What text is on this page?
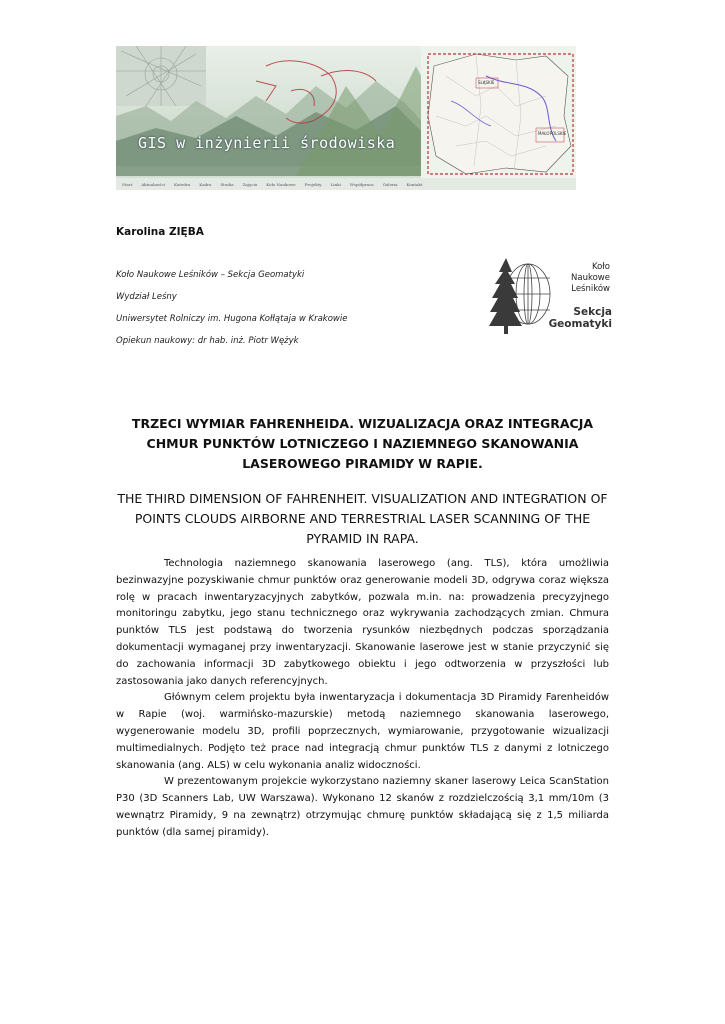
GIS w inżynierii środowiska
ŚLĄSKIE
MAŁOPOLSKIE
Start Aktualności Katedra Kadra Studia Zajęcia Koło Naukowe Projekty Linki Współpraca Galeria Kontakt
Karolina ZIĘBA
Koło Naukowe Leśników – Sekcja Geomatyki
Wydział Leśny
Uniwersytet Rolniczy im. Hugona Kołłątaja w Krakowie
Opiekun naukowy: dr hab. inż. Piotr Wężyk
Koło
Naukowe
Leśników
Sekcja
Geomatyki
TRZECI WYMIAR FAHRENHEIDA. WIZUALIZACJA ORAZ INTEGRACJA CHMUR PUNKTÓW LOTNICZEGO I NAZIEMNEGO SKANOWANIA LASEROWEGO PIRAMIDY W RAPIE.
THE THIRD DIMENSION OF FAHRENHEIT. VISUALIZATION AND INTEGRATION OF POINTS CLOUDS AIRBORNE AND TERRESTRIAL LASER SCANNING OF THE PYRAMID IN RAPA.

Technologia naziemnego skanowania laserowego (ang. TLS), która umożliwia bezinwazyjne pozyskiwanie chmur punktów oraz generowanie modeli 3D, odgrywa coraz większa rolę w pracach inwentaryzacyjnych zabytków, pozwala m.in. na: prowadzenia precyzyjnego monitoringu zabytku, jego stanu technicznego oraz wykrywania zachodzących zmian. Chmura punktów TLS jest podstawą do tworzenia rysunków niezbędnych podczas sporządzania dokumentacji wymaganej przy inwentaryzacji. Skanowanie laserowe jest w stanie przyczynić się do zachowania informacji 3D zabytkowego obiektu i jego odtworzenia w przyszłości lub zastosowania jako danych referencyjnych.

Głównym celem projektu była inwentaryzacja i dokumentacja 3D Piramidy Farenheidów w Rapie (woj. warmińsko-mazurskie) metodą naziemnego skanowania laserowego, wygenerowanie modelu 3D, profili poprzecznych, wymiarowanie, przygotowanie wizualizacji multimedialnych. Podjęto też prace nad integracją chmur punktów TLS z danymi z lotniczego skanowania (ang. ALS) w celu wykonania analiz widoczności.

W prezentowanym projekcie wykorzystano naziemny skaner laserowy Leica ScanStation P30 (3D Scanners Lab, UW Warszawa). Wykonano 12 skanów z rozdzielczością 3,1 mm/10m (3 wewnątrz Piramidy, 9 na zewnątrz) otrzymując chmurę punktów składającą się z 1,5 miliarda punktów (dla samej piramidy).
